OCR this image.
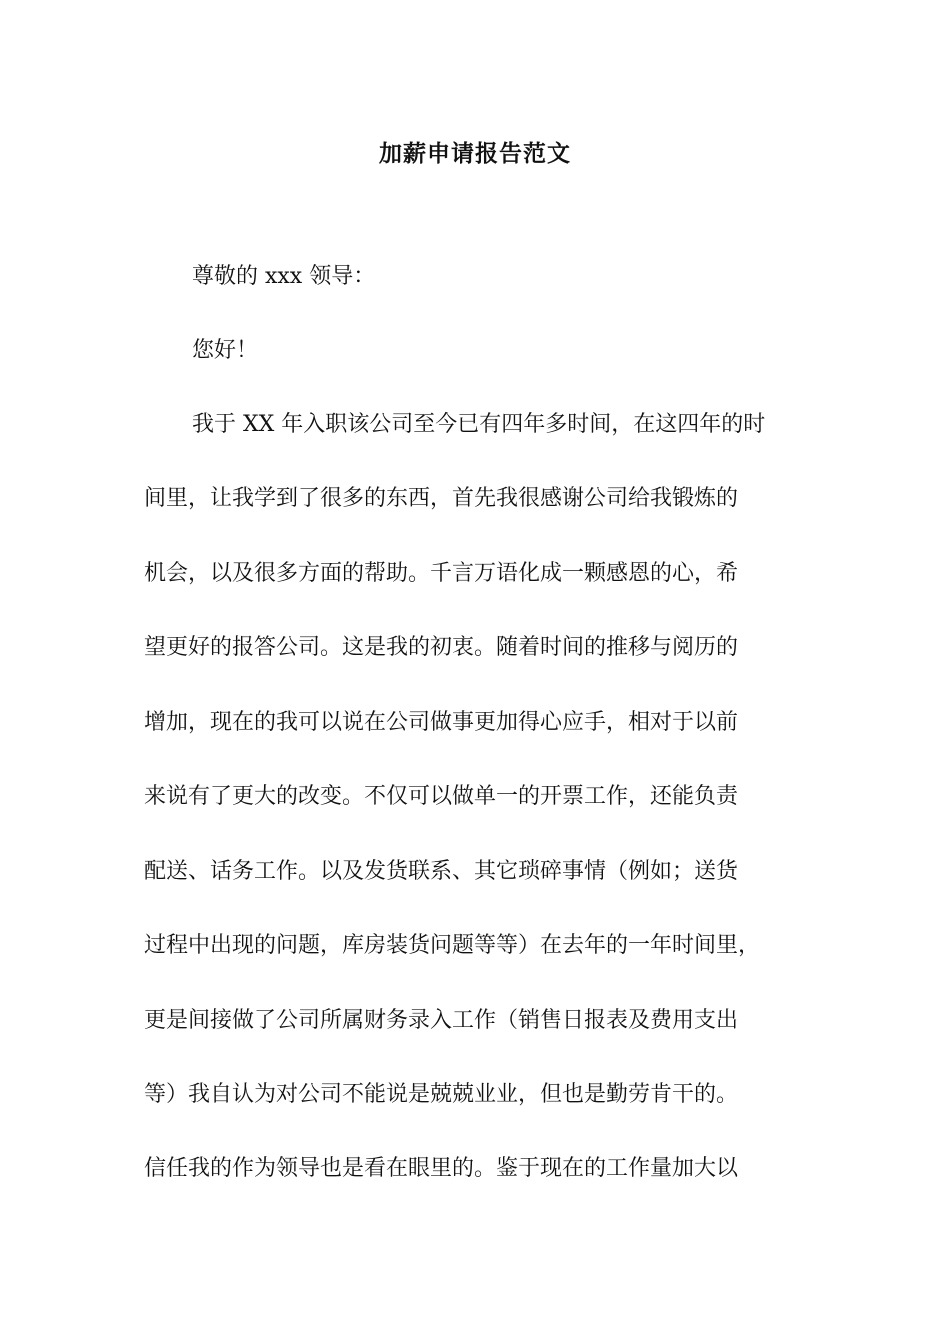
加薪申请报告范文
尊敬的 xxx 领导：
您好！
我于 XX 年入职该公司至今已有四年多时间，在这四年的时
间里，让我学到了很多的东西，首先我很感谢公司给我锻炼的
机会，以及很多方面的帮助。千言万语化成一颗感恩的心，希
望更好的报答公司。这是我的初衷。随着时间的推移与阅历的
增加，现在的我可以说在公司做事更加得心应手，相对于以前
来说有了更大的改变。不仅可以做单一的开票工作，还能负责
配送、话务工作。以及发货联系、其它琐碎事情（例如；送货
过程中出现的问题，库房装货问题等等）在去年的一年时间里，
更是间接做了公司所属财务录入工作（销售日报表及费用支出
等）我自认为对公司不能说是兢兢业业，但也是勤劳肯干的。
信任我的作为领导也是看在眼里的。鉴于现在的工作量加大以
